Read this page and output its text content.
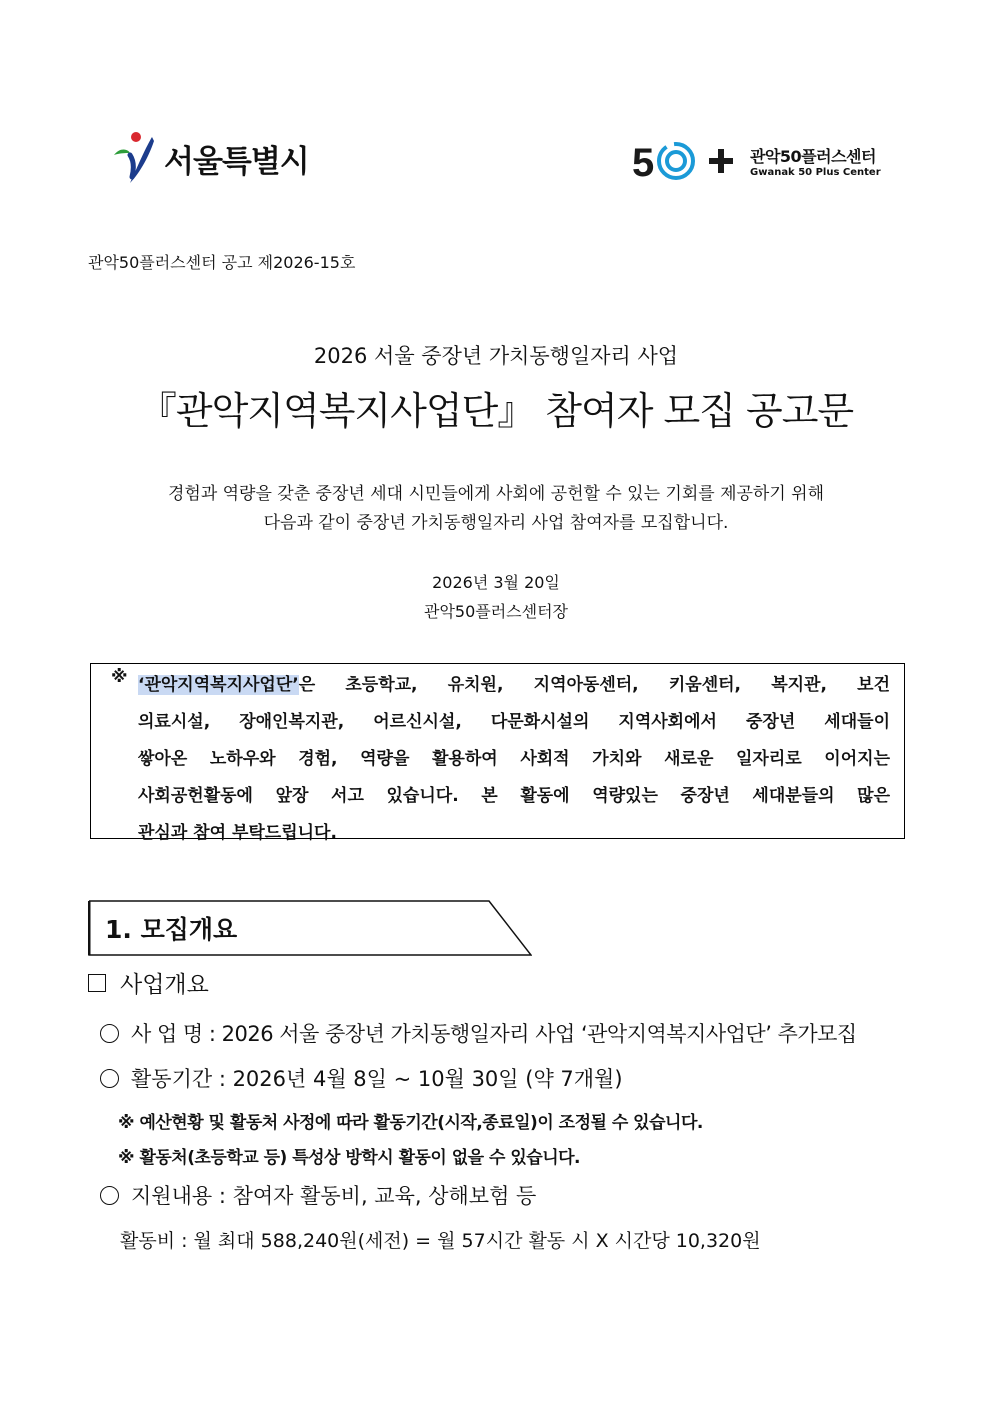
서울특별시	5	관악50플러스센터
Gwanak 50 Plus Center
관악50플러스센터 공고 제2026-15호
2026 서울 중장년 가치동행일자리 사업
『관악지역복지사업단』 참여자 모집 공고문
경험과 역량을 갖춘 중장년 세대 시민들에게 사회에 공헌할 수 있는 기회를 제공하기 위해
다음과 같이 중장년 가치동행일자리 사업 참여자를 모집합니다.
2026년 3월 20일
관악50플러스센터장
※ ‘관악지역복지사업단’은 초등학교, 유치원, 지역아동센터, 키움센터, 복지관, 보건
의료시설, 장애인복지관, 어르신시설, 다문화시설의 지역사회에서 중장년 세대들이
쌓아온 노하우와 경험, 역량을 활용하여 사회적 가치와 새로운 일자리로 이어지는
사회공헌활동에 앞장 서고 있습니다. 본 활동에 역량있는 중장년 세대분들의 많은
관심과 참여 부탁드립니다.
1. 모집개요
사업개요
사 업 명 : 2026 서울 중장년 가치동행일자리 사업 ‘관악지역복지사업단’ 추가모집
활동기간 : 2026년 4월 8일 ~ 10월 30일 (약 7개월)
※ 예산현황 및 활동처 사정에 따라 활동기간(시작,종료일)이 조정될 수 있습니다.
※ 활동처(초등학교 등) 특성상 방학시 활동이 없을 수 있습니다.
지원내용 : 참여자 활동비, 교육, 상해보험 등
활동비 : 월 최대 588,240원(세전) = 월 57시간 활동 시 X 시간당 10,320원
